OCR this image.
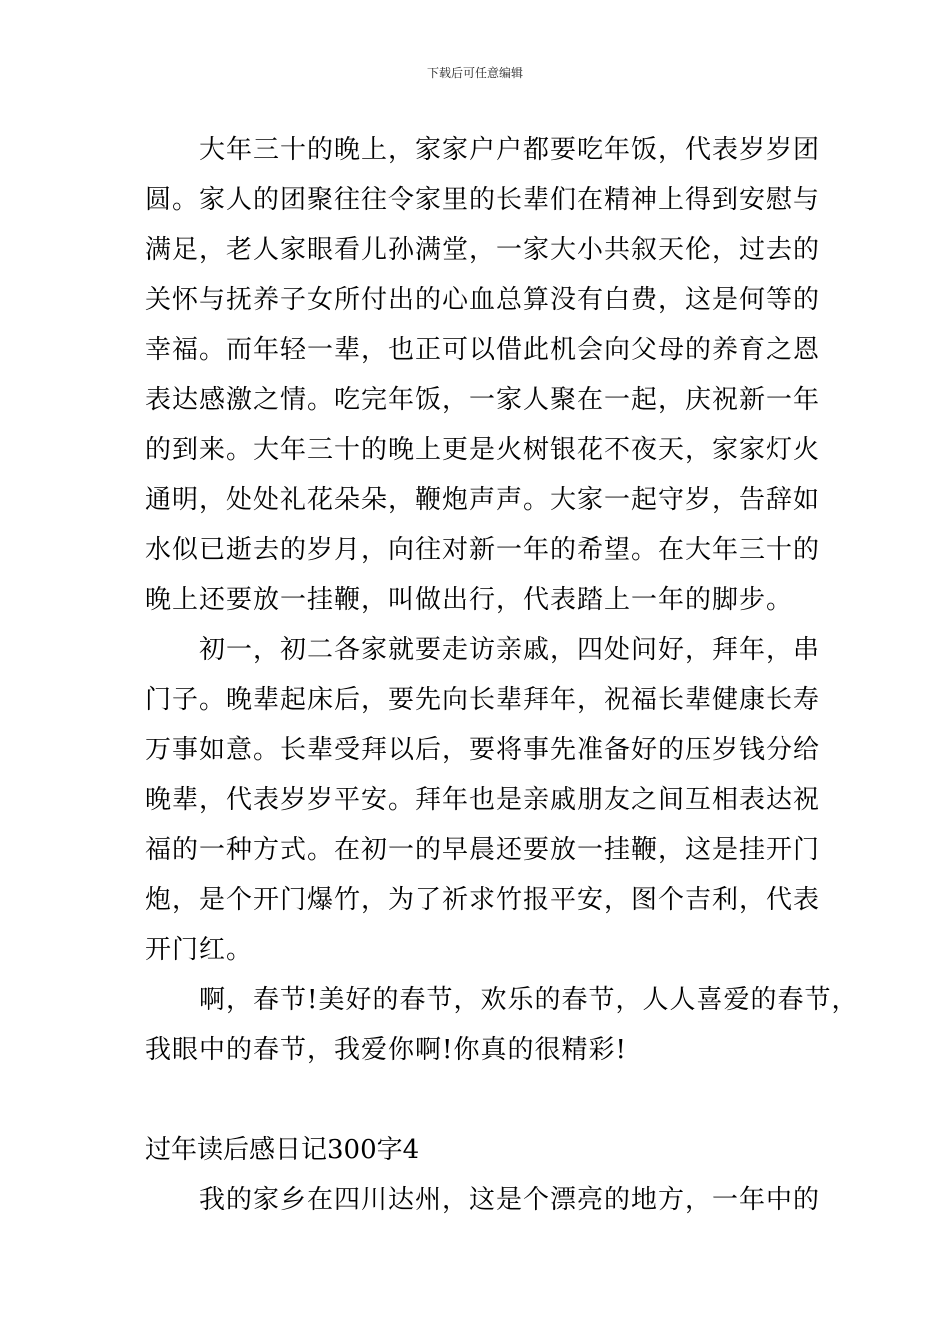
下载后可任意编辑

大年三十的晚上，家家户户都要吃年饭，代表岁岁团
圆。家人的团聚往往令家里的长辈们在精神上得到安慰与
满足，老人家眼看儿孙满堂，一家大小共叙天伦，过去的
关怀与抚养子女所付出的心血总算没有白费，这是何等的
幸福。而年轻一辈，也正可以借此机会向父母的养育之恩
表达感激之情。吃完年饭，一家人聚在一起，庆祝新一年
的到来。大年三十的晚上更是火树银花不夜天，家家灯火
通明，处处礼花朵朵，鞭炮声声。大家一起守岁，告辞如
水似已逝去的岁月，向往对新一年的希望。在大年三十的
晚上还要放一挂鞭，叫做出行，代表踏上一年的脚步。

初一，初二各家就要走访亲戚，四处问好，拜年，串
门子。晚辈起床后，要先向长辈拜年，祝福长辈健康长寿
万事如意。长辈受拜以后，要将事先准备好的压岁钱分给
晚辈，代表岁岁平安。拜年也是亲戚朋友之间互相表达祝
福的一种方式。在初一的早晨还要放一挂鞭，这是挂开门
炮，是个开门爆竹，为了祈求竹报平安，图个吉利，代表
开门红。

啊，春节!美好的春节，欢乐的春节，人人喜爱的春节，
我眼中的春节，我爱你啊!你真的很精彩!

过年读后感日记300字4

我的家乡在四川达州，这是个漂亮的地方，一年中的
